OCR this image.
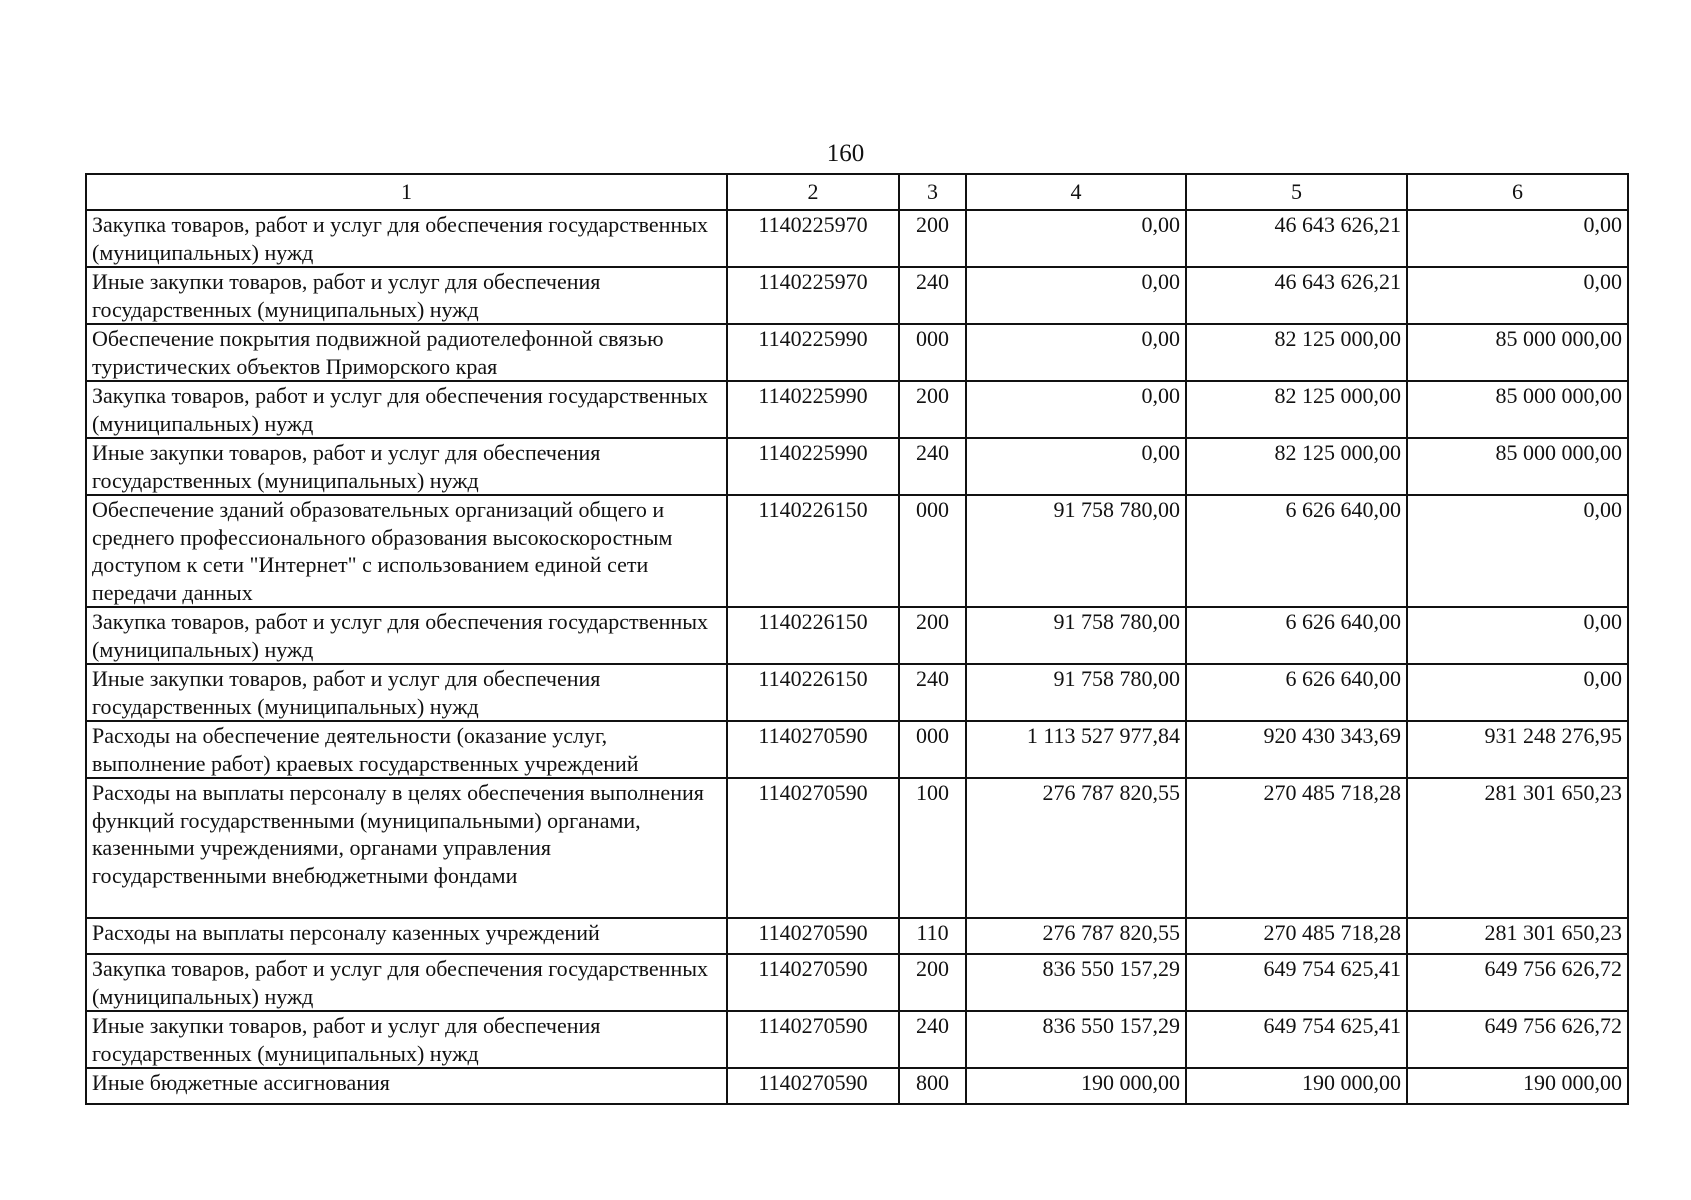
160
1	2	3	4	5	6
Закупка товаров, работ и услуг для обеспечения государственных (муниципальных) нужд	1140225970	200	0,00	46 643 626,21	0,00
Иные закупки товаров, работ и услуг для обеспечения государственных (муниципальных) нужд	1140225970	240	0,00	46 643 626,21	0,00
Обеспечение покрытия подвижной радиотелефонной связью туристических объектов Приморского края	1140225990	000	0,00	82 125 000,00	85 000 000,00
Закупка товаров, работ и услуг для обеспечения государственных (муниципальных) нужд	1140225990	200	0,00	82 125 000,00	85 000 000,00
Иные закупки товаров, работ и услуг для обеспечения государственных (муниципальных) нужд	1140225990	240	0,00	82 125 000,00	85 000 000,00
Обеспечение зданий образовательных организаций общего и среднего профессионального образования высокоскоростным доступом к сети "Интернет" с использованием единой сети передачи данных	1140226150	000	91 758 780,00	6 626 640,00	0,00
Закупка товаров, работ и услуг для обеспечения государственных (муниципальных) нужд	1140226150	200	91 758 780,00	6 626 640,00	0,00
Иные закупки товаров, работ и услуг для обеспечения государственных (муниципальных) нужд	1140226150	240	91 758 780,00	6 626 640,00	0,00
Расходы на обеспечение деятельности (оказание услуг, выполнение работ) краевых государственных учреждений	1140270590	000	1 113 527 977,84	920 430 343,69	931 248 276,95
Расходы на выплаты персоналу в целях обеспечения выполнения функций государственными (муниципальными) органами, казенными учреждениями, органами управления государственными внебюджетными фондами	1140270590	100	276 787 820,55	270 485 718,28	281 301 650,23
Расходы на выплаты персоналу казенных учреждений	1140270590	110	276 787 820,55	270 485 718,28	281 301 650,23
Закупка товаров, работ и услуг для обеспечения государственных (муниципальных) нужд	1140270590	200	836 550 157,29	649 754 625,41	649 756 626,72
Иные закупки товаров, работ и услуг для обеспечения государственных (муниципальных) нужд	1140270590	240	836 550 157,29	649 754 625,41	649 756 626,72
Иные бюджетные ассигнования	1140270590	800	190 000,00	190 000,00	190 000,00
